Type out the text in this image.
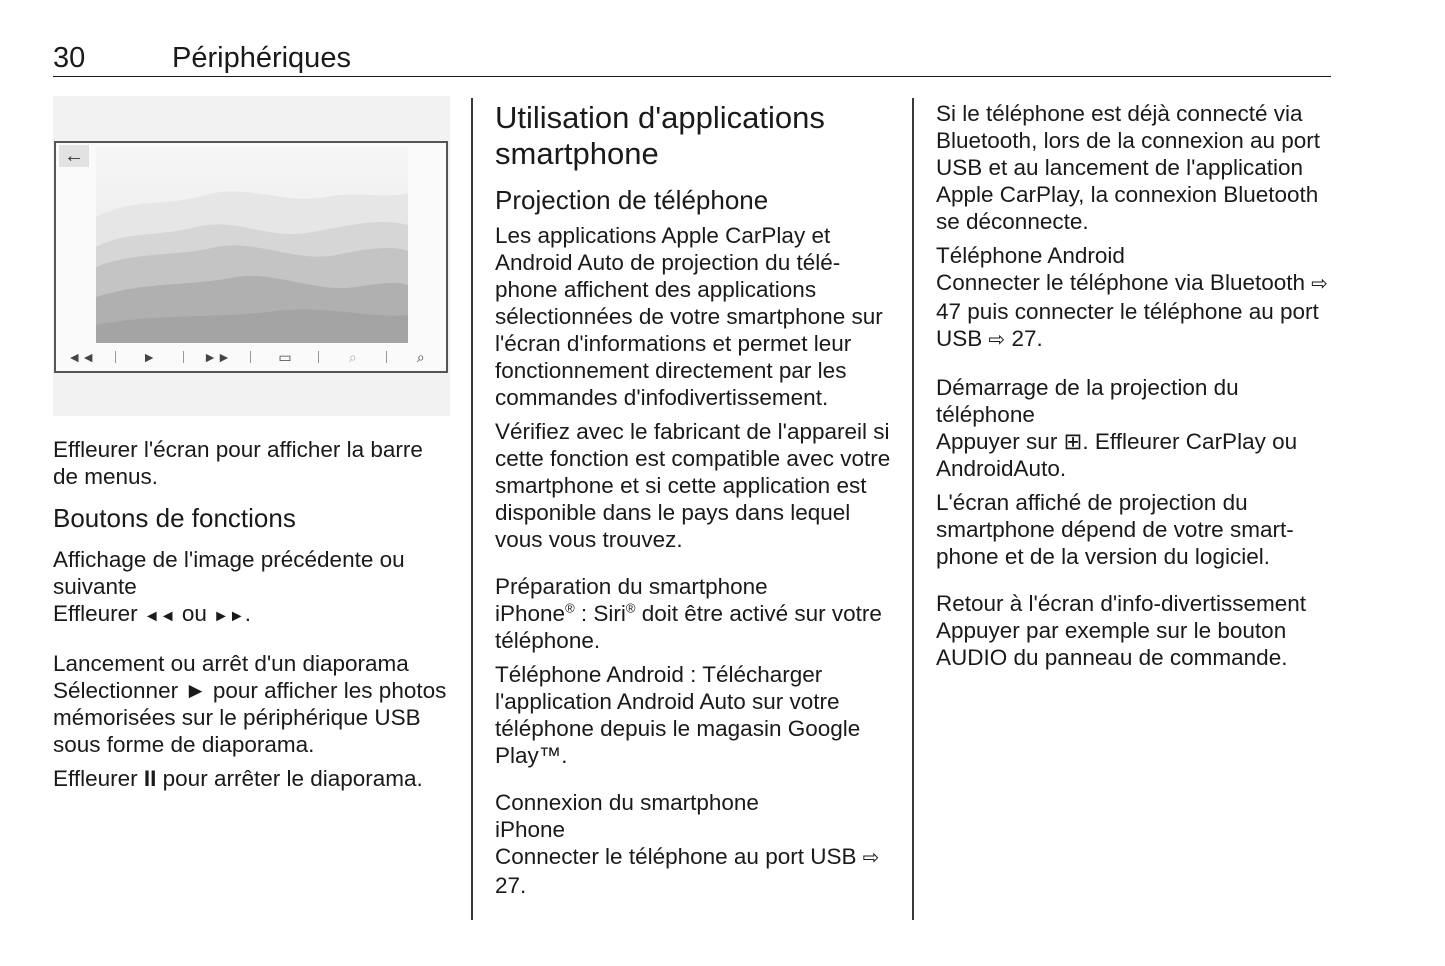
30	Périphériques
←
◄◄	►	►►	▭	⌕	⌕

Effleurer l'écran pour afficher la barre de menus.

Boutons de fonctions
Affichage de l'image précédente ou suivante

Effleurer ◄◄ ou ►►.

Lancement ou arrêt d'un diaporama

Sélectionner ► pour afficher les photos mémorisées sur le périphérique USB sous forme de diaporama.

Effleurer II pour arrêter le diaporama.

Utilisation d'applications smartphone
Projection de téléphone

Les applications Apple CarPlay et Android Auto de projection du téléphone affichent des applications sélectionnées de votre smartphone sur l'écran d'informations et permet leur fonctionnement directement par les commandes d'infodivertissement.

Vérifiez avec le fabricant de l'appareil si cette fonction est compatible avec votre smartphone et si cette application est disponible dans le pays dans lequel vous vous trouvez.

Préparation du smartphone

iPhone® : Siri® doit être activé sur votre téléphone.

Téléphone Android : Télécharger l'application Android Auto sur votre téléphone depuis le magasin Google Play™.

Connexion du smartphone
iPhone

Connecter le téléphone au port USB ⇨ 27.

Si le téléphone est déjà connecté via Bluetooth, lors de la connexion au port USB et au lancement de l'application Apple CarPlay, la connexion Bluetooth se déconnecte.

Téléphone Android

Connecter le téléphone via Bluetooth ⇨ 47 puis connecter le téléphone au port USB ⇨ 27.

Démarrage de la projection du téléphone

Appuyer sur ⊞. Effleurer CarPlay ou AndroidAuto.

L'écran affiché de projection du smartphone dépend de votre smartphone et de la version du logiciel.

Retour à l'écran d'info-divertissement

Appuyer par exemple sur le bouton AUDIO du panneau de commande.
